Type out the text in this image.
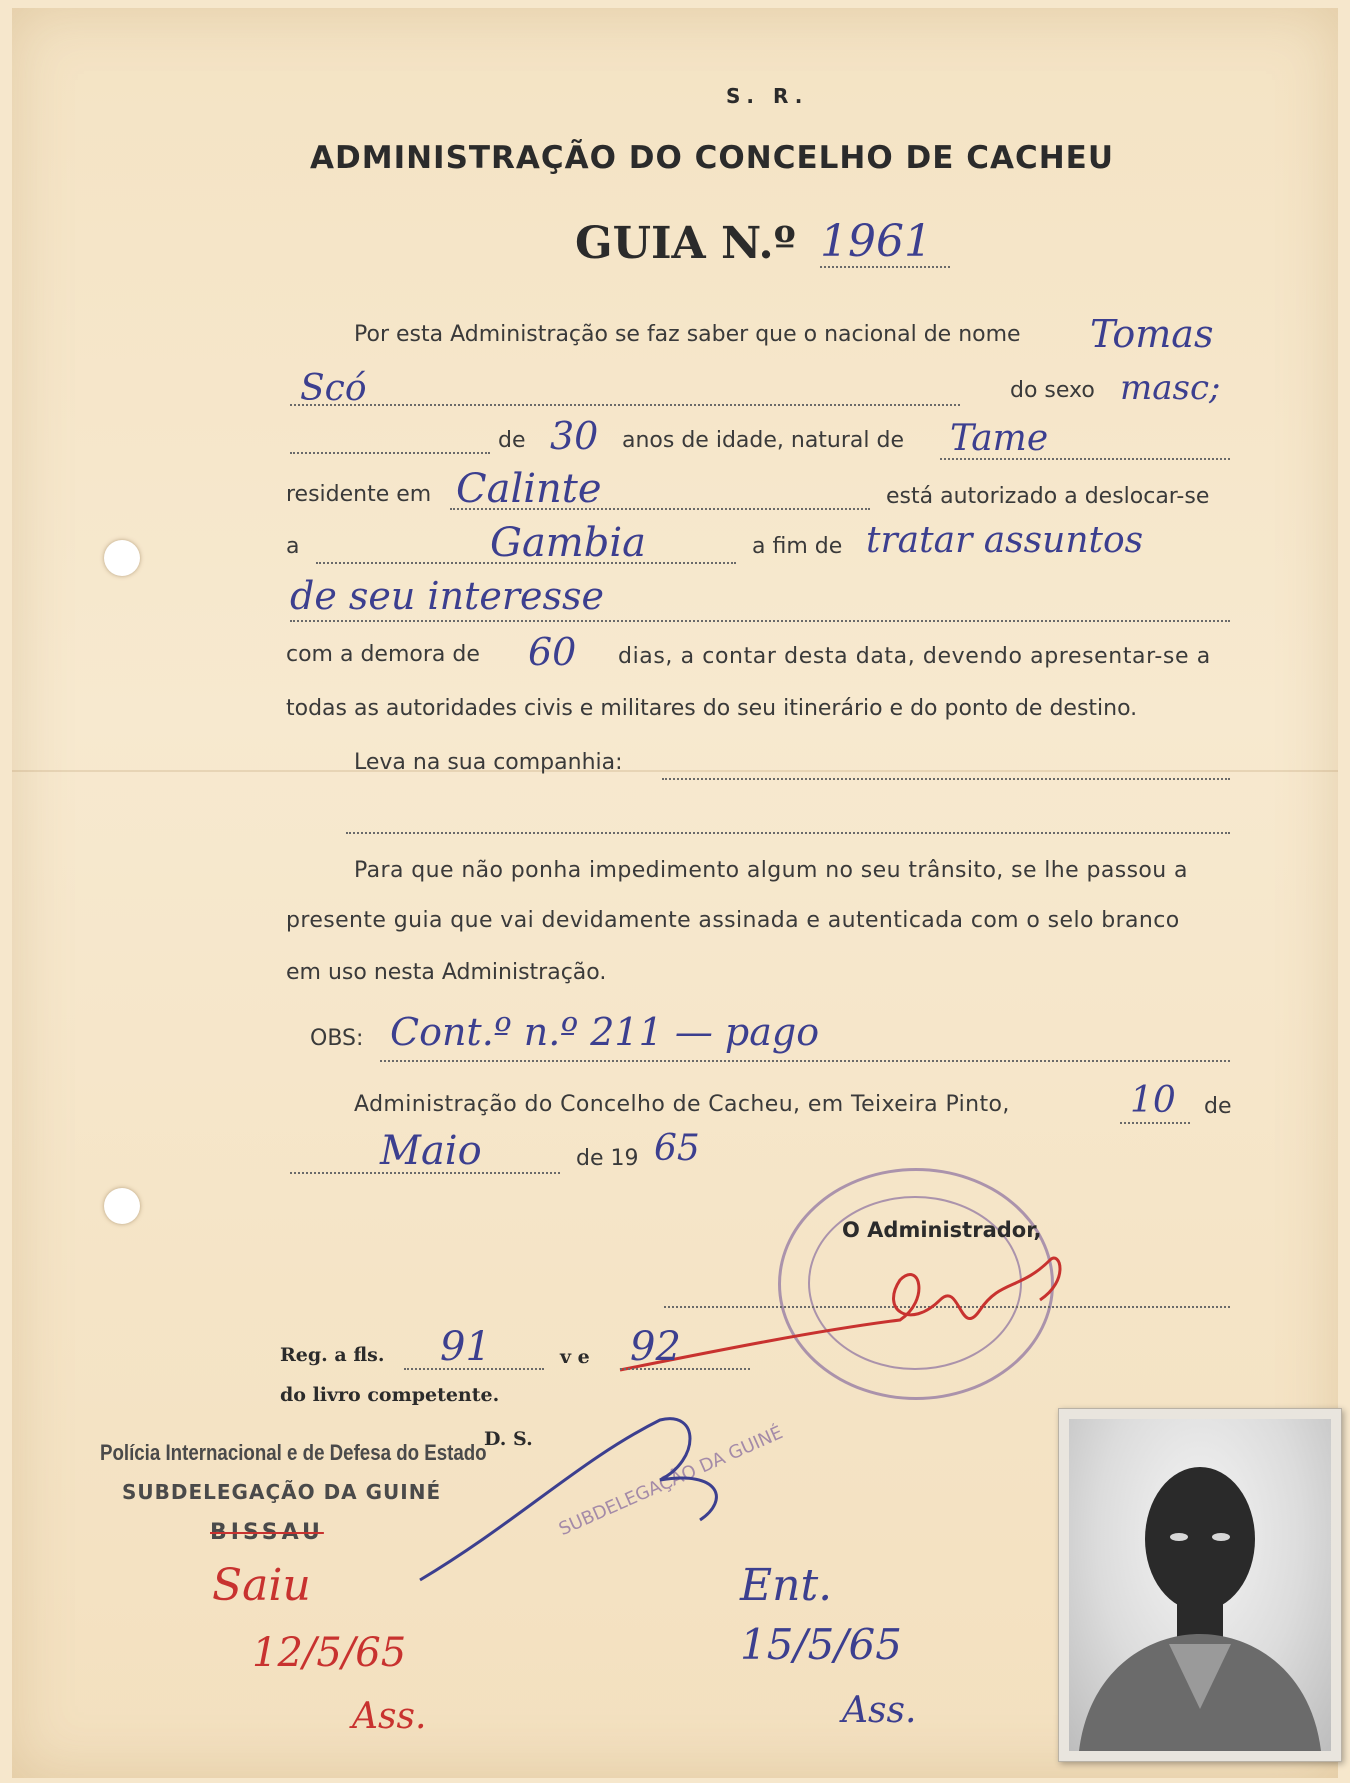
S. R.
ADMINISTRAÇÃO DO CONCELHO DE CACHEU
GUIA N.º 1961
Por esta Administração se faz saber que o nacional de nome Tomas
Scó	do sexo masc;
de 30 anos de idade, natural de Tame
residente em Calinte	está autorizado a deslocar-se
a	Gambia	a fim de tratar assuntos
de seu interesse
com a demora de 60 dias, a contar desta data, devendo apresentar-se a
todas as autoridades civis e militares do seu itinerário e do ponto de destino.
Leva na sua companhia:
Para que não ponha impedimento algum no seu trânsito, se lhe passou a
presente guia que vai devidamente assinada e autenticada com o selo branco
em uso nesta Administração.
OBS: Cont.º n.º 211 — pago
Administração do Concelho de Cacheu, em Teixeira Pinto,	10 de
Maio	de 19 65
O Administrador,
Reg. a fls. 91	v e 92
do livro competente.
D. S.
Polícia Internacional e de Defesa do Estado
SUBDELEGAÇÃO DA GUINÉ
BISSAU	SUBDELEGAÇÃO DA GUINÉ
Saiu
12/5/65
Ass.
Ent.
15/5/65
Ass.
